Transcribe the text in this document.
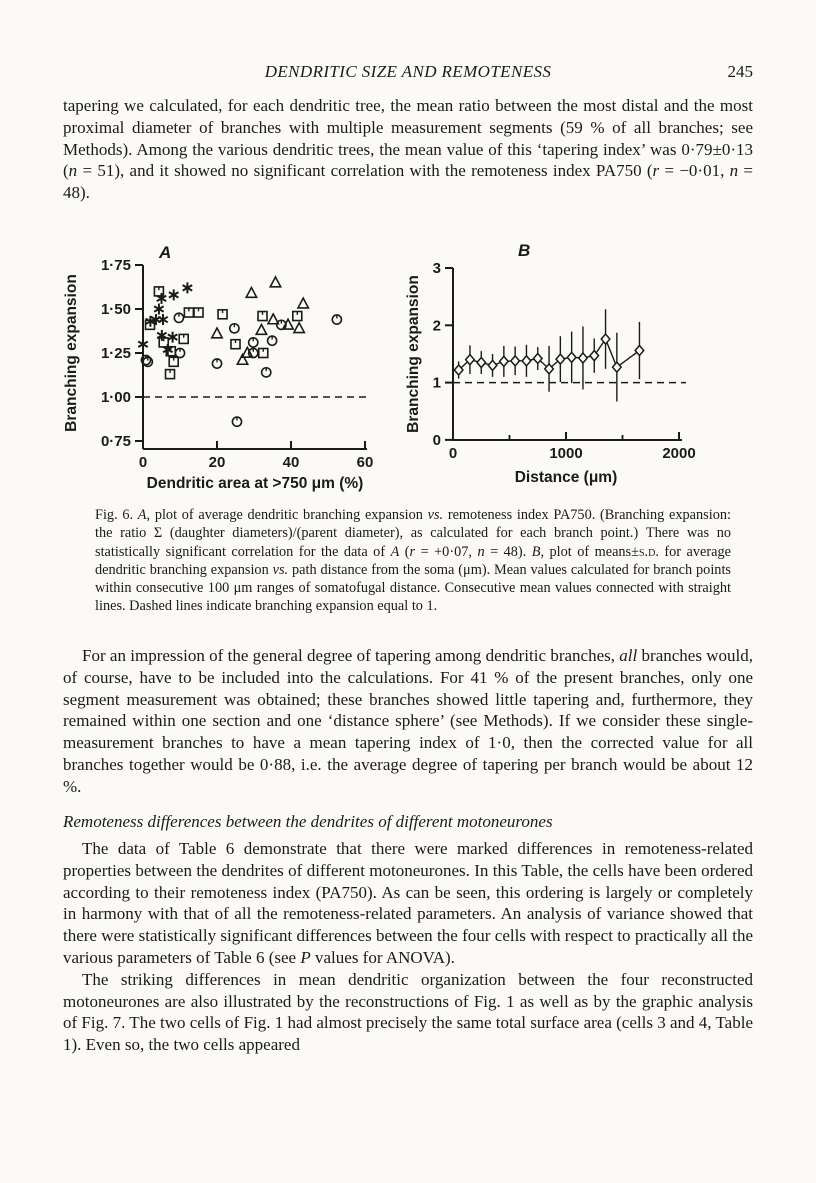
DENDRITIC SIZE AND REMOTENESS	245

tapering we calculated, for each dendritic tree, the mean ratio between the most distal and the most proximal diameter of branches with multiple measurement segments (59 % of all branches; see Methods). Among the various dendritic trees, the mean value of this ‘tapering index’ was 0·79±0·13 (n = 51), and it showed no significant correlation with the remoteness index PA750 (r = −0·01, n = 48).

0·75
1·00
1·25
1·50
1·75
0	20	40	60
Dendritic area at >750 μm (%)
Branching expansion
A
0
1
2
3
0	1000	2000
Distance (μm)
Branching expansion
B

Fig. 6. A, plot of average dendritic branching expansion vs. remoteness index PA750. (Branching expansion: the ratio Σ (daughter diameters)/(parent diameter), as calculated for each branch point.) There was no statistically significant correlation for the data of A (r = +0·07, n = 48). B, plot of means±s.d. for average dendritic branching expansion vs. path distance from the soma (μm). Mean values calculated for branch points within consecutive 100 μm ranges of somatofugal distance. Consecutive mean values connected with straight lines. Dashed lines indicate branching expansion equal to 1.

For an impression of the general degree of tapering among dendritic branches, all branches would, of course, have to be included into the calculations. For 41 % of the present branches, only one segment measurement was obtained; these branches showed little tapering and, furthermore, they remained within one section and one ‘distance sphere’ (see Methods). If we consider these single-measurement branches to have a mean tapering index of 1·0, then the corrected value for all branches together would be 0·88, i.e. the average degree of tapering per branch would be about 12 %.

Remoteness differences between the dendrites of different motoneurones

The data of Table 6 demonstrate that there were marked differences in remoteness-related properties between the dendrites of different motoneurones. In this Table, the cells have been ordered according to their remoteness index (PA750). As can be seen, this ordering is largely or completely in harmony with that of all the remoteness-related parameters. An analysis of variance showed that there were statistically significant differences between the four cells with respect to practically all the various parameters of Table 6 (see P values for ANOVA).

The striking differences in mean dendritic organization between the four reconstructed motoneurones are also illustrated by the reconstructions of Fig. 1 as well as by the graphic analysis of Fig. 7. The two cells of Fig. 1 had almost precisely the same total surface area (cells 3 and 4, Table 1). Even so, the two cells appeared
